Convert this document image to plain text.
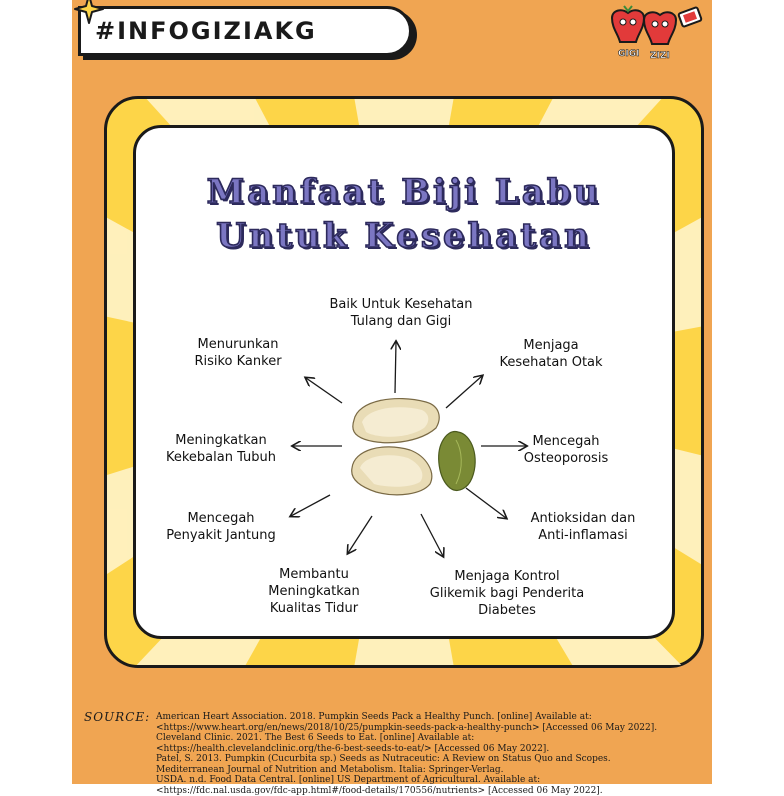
#INFOGIZIAKG
GIGI ZIZI
Manfaat Biji Labu
Untuk Kesehatan
Baik Untuk Kesehatan
Tulang dan Gigi
Menjaga
Kesehatan Otak
Mencegah
Osteoporosis
Antioksidan dan
Anti-inflamasi
Menjaga Kontrol
Glikemik bagi Penderita
Diabetes
Membantu
Meningkatkan
Kualitas Tidur
Mencegah
Penyakit Jantung
Meningkatkan
Kekebalan Tubuh
Menurunkan
Risiko Kanker
SOURCE: American Heart Association. 2018. Pumpkin Seeds Pack a Healthy Punch. [online] Available at:
<https://www.heart.org/en/news/2018/10/25/pumpkin-seeds-pack-a-healthy-punch> [Accessed 06 May 2022].
Cleveland Clinic. 2021. The Best 6 Seeds to Eat. [online] Available at:
<https://health.clevelandclinic.org/the-6-best-seeds-to-eat/> [Accessed 06 May 2022].
Patel, S. 2013. Pumpkin (Cucurbita sp.) Seeds as Nutraceutic: A Review on Status Quo and Scopes.
Mediterranean Journal of Nutrition and Metabolism. Italia: Springer-Verlag.
USDA. n.d. Food Data Central. [online] US Department of Agricultural. Available at:
<https://fdc.nal.usda.gov/fdc-app.html#/food-details/170556/nutrients> [Accessed 06 May 2022].
